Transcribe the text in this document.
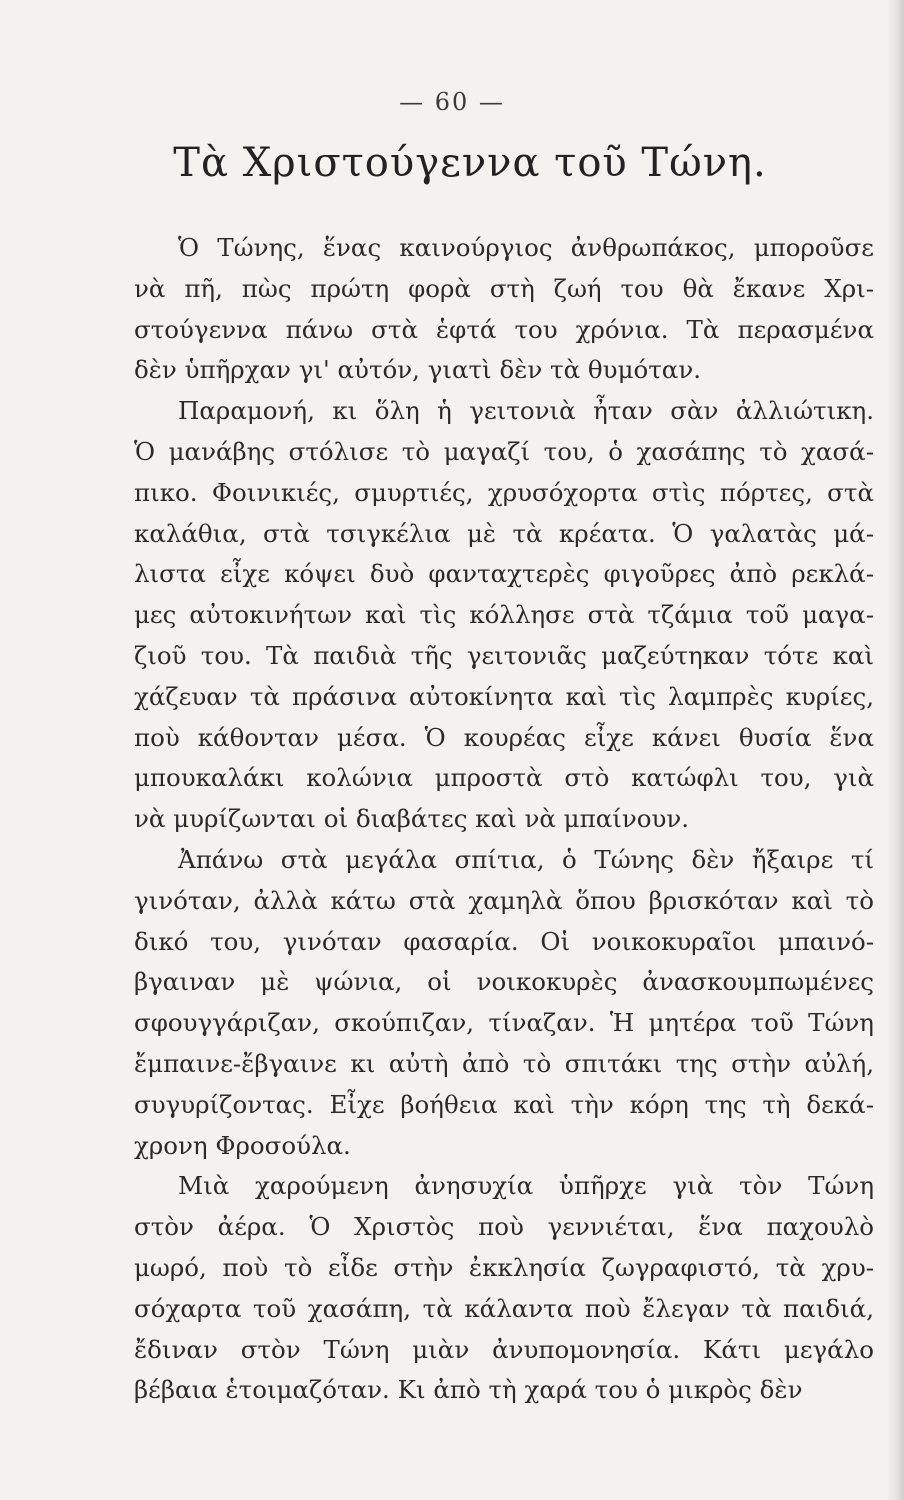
— 60 —
Τὰ Χριστούγεννα τοῦ Τώνη.
Ὁ Τώνης, ἕνας καινούργιος ἀνθρωπάκος, μποροῦσε
νὰ πῆ, πὼς πρώτη φορὰ στὴ ζωή του θὰ ἔκανε Χρι-
στούγεννα πάνω στὰ ἑφτά του χρόνια. Τὰ περασμένα
δὲν ὑπῆρχαν γι' αὐτόν, γιατὶ δὲν τὰ θυμόταν.
Παραμονή, κι ὅλη ἡ γειτονιὰ ἦταν σὰν ἀλλιώτικη.
Ὁ μανάβης στόλισε τὸ μαγαζί του, ὁ χασάπης τὸ χασά-
πικο. Φοινικιές, σμυρτιές, χρυσόχορτα στὶς πόρτες, στὰ
καλάθια, στὰ τσιγκέλια μὲ τὰ κρέατα. Ὁ γαλατὰς μά-
λιστα εἶχε κόψει δυὸ φανταχτερὲς φιγοῦρες ἀπὸ ρεκλά-
μες αὐτοκινήτων καὶ τὶς κόλλησε στὰ τζάμια τοῦ μαγα-
ζιοῦ του. Τὰ παιδιὰ τῆς γειτονιᾶς μαζεύτηκαν τότε καὶ
χάζευαν τὰ πράσινα αὐτοκίνητα καὶ τὶς λαμπρὲς κυρίες,
ποὺ κάθονταν μέσα. Ὁ κουρέας εἶχε κάνει θυσία ἕνα
μπουκαλάκι κολώνια μπροστὰ στὸ κατώφλι του, γιὰ
νὰ μυρίζωνται οἱ διαβάτες καὶ νὰ μπαίνουν.
Ἀπάνω στὰ μεγάλα σπίτια, ὁ Τώνης δὲν ἤξαιρε τί
γινόταν, ἀλλὰ κάτω στὰ χαμηλὰ ὅπου βρισκόταν καὶ τὸ
δικό του, γινόταν φασαρία. Οἱ νοικοκυραῖοι μπαινό-
βγαιναν μὲ ψώνια, οἱ νοικοκυρὲς ἀνασκουμπωμένες
σφουγγάριζαν, σκούπιζαν, τίναζαν. Ἡ μητέρα τοῦ Τώνη
ἔμπαινε-ἔβγαινε κι αὐτὴ ἀπὸ τὸ σπιτάκι της στὴν αὐλή,
συγυρίζοντας. Εἶχε βοήθεια καὶ τὴν κόρη της τὴ δεκά-
χρονη Φροσούλα.
Μιὰ χαρούμενη ἀνησυχία ὑπῆρχε γιὰ τὸν Τώνη
στὸν ἀέρα. Ὁ Χριστὸς ποὺ γεννιέται, ἕνα παχουλὸ
μωρό, ποὺ τὸ εἶδε στὴν ἐκκλησία ζωγραφιστό, τὰ χρυ-
σόχαρτα τοῦ χασάπη, τὰ κάλαντα ποὺ ἔλεγαν τὰ παιδιά,
ἔδιναν στὸν Τώνη μιὰν ἀνυπομονησία. Κάτι μεγάλο
βέβαια ἑτοιμαζόταν. Κι ἀπὸ τὴ χαρά του ὁ μικρὸς δὲν
